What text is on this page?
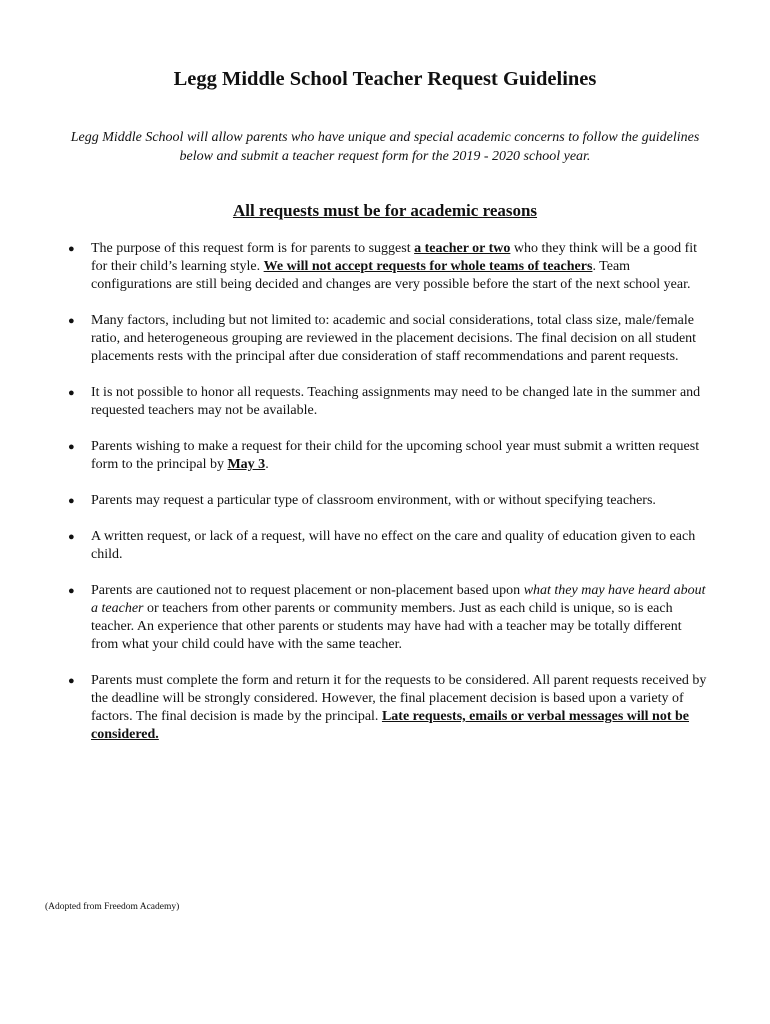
Legg Middle School Teacher Request Guidelines

Legg Middle School will allow parents who have unique and special academic concerns to follow the guidelines
below and submit a teacher request form for the 2019 - 2020 school year.

All requests must be for academic reasons
● The purpose of this request form is for parents to suggest a teacher or two who they think will be a good fit for their child’s learning style. We will not accept requests for whole teams of teachers. Team configurations are still being decided and changes are very possible before the start of the next school year.
● Many factors, including but not limited to: academic and social considerations, total class size, male/female ratio, and heterogeneous grouping are reviewed in the placement decisions. The final decision on all student placements rests with the principal after due consideration of staff recommendations and parent requests.
● It is not possible to honor all requests. Teaching assignments may need to be changed late in the summer and requested teachers may not be available.
● Parents wishing to make a request for their child for the upcoming school year must submit a written request form to the principal by May 3.
● Parents may request a particular type of classroom environment, with or without specifying teachers.
● A written request, or lack of a request, will have no effect on the care and quality of education given to each child.
● Parents are cautioned not to request placement or non-placement based upon what they may have heard about a teacher or teachers from other parents or community members. Just as each child is unique, so is each teacher. An experience that other parents or students may have had with a teacher may be totally different from what your child could have with the same teacher.
● Parents must complete the form and return it for the requests to be considered. All parent requests received by the deadline will be strongly considered. However, the final placement decision is based upon a variety of factors. The final decision is made by the principal. Late requests, emails or verbal messages will not be considered.

(Adopted from Freedom Academy)
